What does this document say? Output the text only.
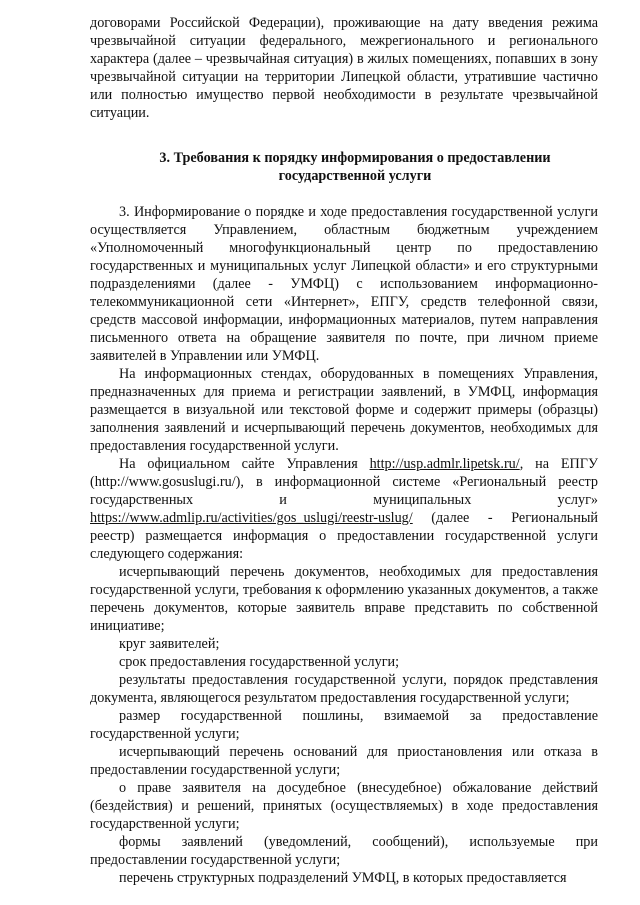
договорами Российской Федерации), проживающие на дату введения режима чрезвычайной ситуации федерального, межрегионального и регионального характера (далее – чрезвычайная ситуация) в жилых помещениях, попавших в зону чрезвычайной ситуации на территории Липецкой области, утратившие частично или полностью имущество первой необходимости в результате чрезвычайной ситуации.

3. Требования к порядку информирования о предоставлении
государственной услуги

3. Информирование о порядке и ходе предоставления государственной услуги осуществляется Управлением, областным бюджетным учреждением «Уполномоченный многофункциональный центр по предоставлению государственных и муниципальных услуг Липецкой области» и его структурными подразделениями (далее - УМФЦ) с использованием информационно-телекоммуникационной сети «Интернет», ЕПГУ, средств телефонной связи, средств массовой информации, информационных материалов, путем направления письменного ответа на обращение заявителя по почте, при личном приеме заявителей в Управлении или УМФЦ.

На информационных стендах, оборудованных в помещениях Управления, предназначенных для приема и регистрации заявлений, в УМФЦ, информация размещается в визуальной или текстовой форме и содержит примеры (образцы) заполнения заявлений и исчерпывающий перечень документов, необходимых для предоставления государственной услуги.

На официальном сайте Управления http://usp.admlr.lipetsk.ru/, на ЕПГУ (http://www.gosuslugi.ru/), в информационной системе «Региональный реестр государственных и муниципальных услуг» https://www.admlip.ru/activities/gos_uslugi/reestr-uslug/ (далее - Региональный реестр) размещается информация о предоставлении государственной услуги следующего содержания:

исчерпывающий перечень документов, необходимых для предоставления государственной услуги, требования к оформлению указанных документов, а также перечень документов, которые заявитель вправе представить по собственной инициативе;

круг заявителей;

срок предоставления государственной услуги;

результаты предоставления государственной услуги, порядок представления документа, являющегося результатом предоставления государственной услуги;

размер государственной пошлины, взимаемой за предоставление государственной услуги;

исчерпывающий перечень оснований для приостановления или отказа в предоставлении государственной услуги;

о праве заявителя на досудебное (внесудебное) обжалование действий (бездействия) и решений, принятых (осуществляемых) в ходе предоставления государственной услуги;

формы заявлений (уведомлений, сообщений), используемые при предоставлении государственной услуги;

перечень структурных подразделений УМФЦ, в которых предоставляется
